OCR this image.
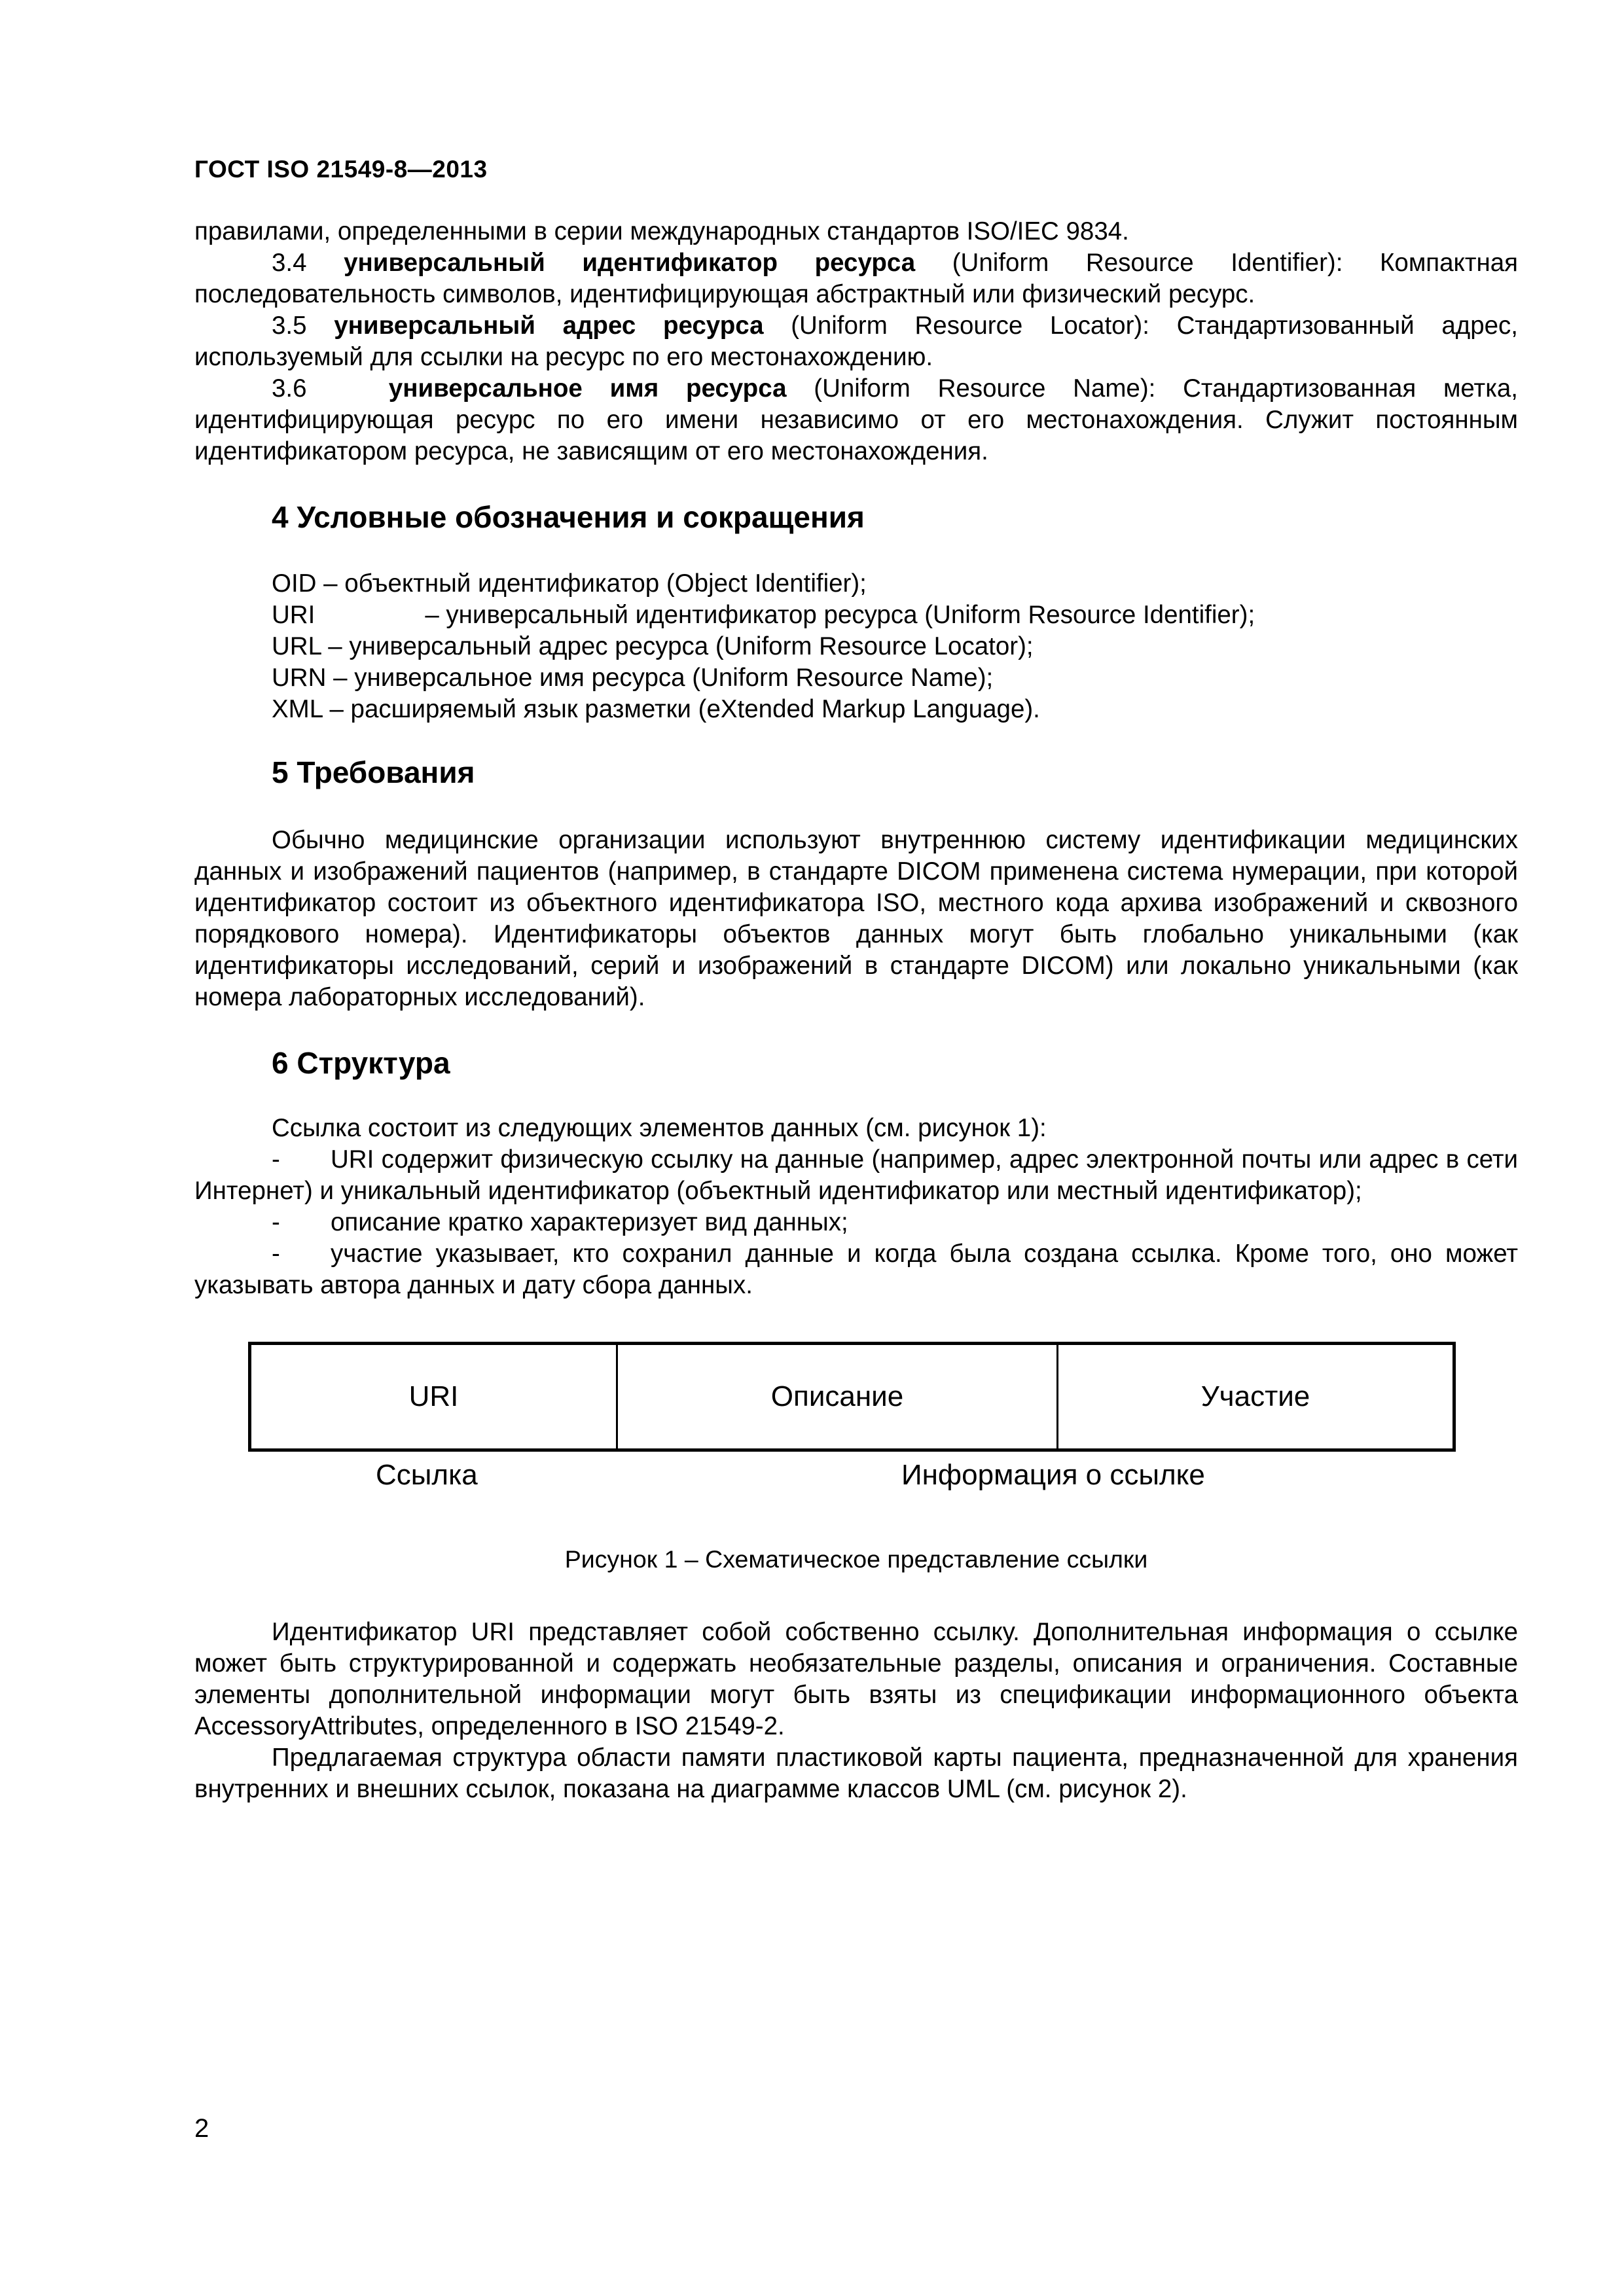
ГОСТ ISO 21549-8—2013

правилами, определенными в серии международных стандартов ISO/IEC 9834.

3.4 универсальный идентификатор ресурса (Uniform Resource Identifier): Компактная последовательность символов, идентифицирующая абстрактный или физический ресурс.

3.5 универсальный адрес ресурса (Uniform Resource Locator): Стандартизованный адрес, используемый для ссылки на ресурс по его местонахождению.

3.6	универсальное имя ресурса (Uniform Resource Name): Стандартизованная метка, идентифицирующая ресурс по его имени независимо от его местонахождения. Служит постоянным идентификатором ресурса, не зависящим от его местонахождения.

4 Условные обозначения и сокращения

OID – объектный идентификатор (Object Identifier);

URI	– универсальный идентификатор ресурса (Uniform Resource Identifier);

URL – универсальный адрес ресурса (Uniform Resource Locator);

URN – универсальное имя ресурса (Uniform Resource Name);

XML – расширяемый язык разметки (eXtended Markup Language).

5 Требования

Обычно медицинские организации используют внутреннюю систему идентификации медицинских данных и изображений пациентов (например, в стандарте DICOM применена система нумерации, при которой идентификатор состоит из объектного идентификатора ISO, местного кода архива изображений и сквозного порядкового номера). Идентификаторы объектов данных могут быть глобально уникальными (как идентификаторы исследований, серий и изображений в стандарте DICOM) или локально уникальными (как номера лабораторных исследований).

6 Структура

Ссылка состоит из следующих элементов данных (см. рисунок 1):

- URI содержит физическую ссылку на данные (например, адрес электронной почты или адрес в сети Интернет) и уникальный идентификатор (объектный идентификатор или местный идентификатор);

- описание кратко характеризует вид данных;

- участие указывает, кто сохранил данные и когда была создана ссылка. Кроме того, оно может указывать автора данных и дату сбора данных.

URI	Описание	Участие
Ссылка	Информация о ссылке

Рисунок 1 – Схематическое представление ссылки

Идентификатор URI представляет собой собственно ссылку. Дополнительная информация о ссылке может быть структурированной и содержать необязательные разделы, описания и ограничения. Составные элементы дополнительной информации могут быть взяты из спецификации информационного объекта AccessoryAttributes, определенного в ISO 21549-2.

Предлагаемая структура области памяти пластиковой карты пациента, предназначенной для хранения внутренних и внешних ссылок, показана на диаграмме классов UML (см. рисунок 2).

2
